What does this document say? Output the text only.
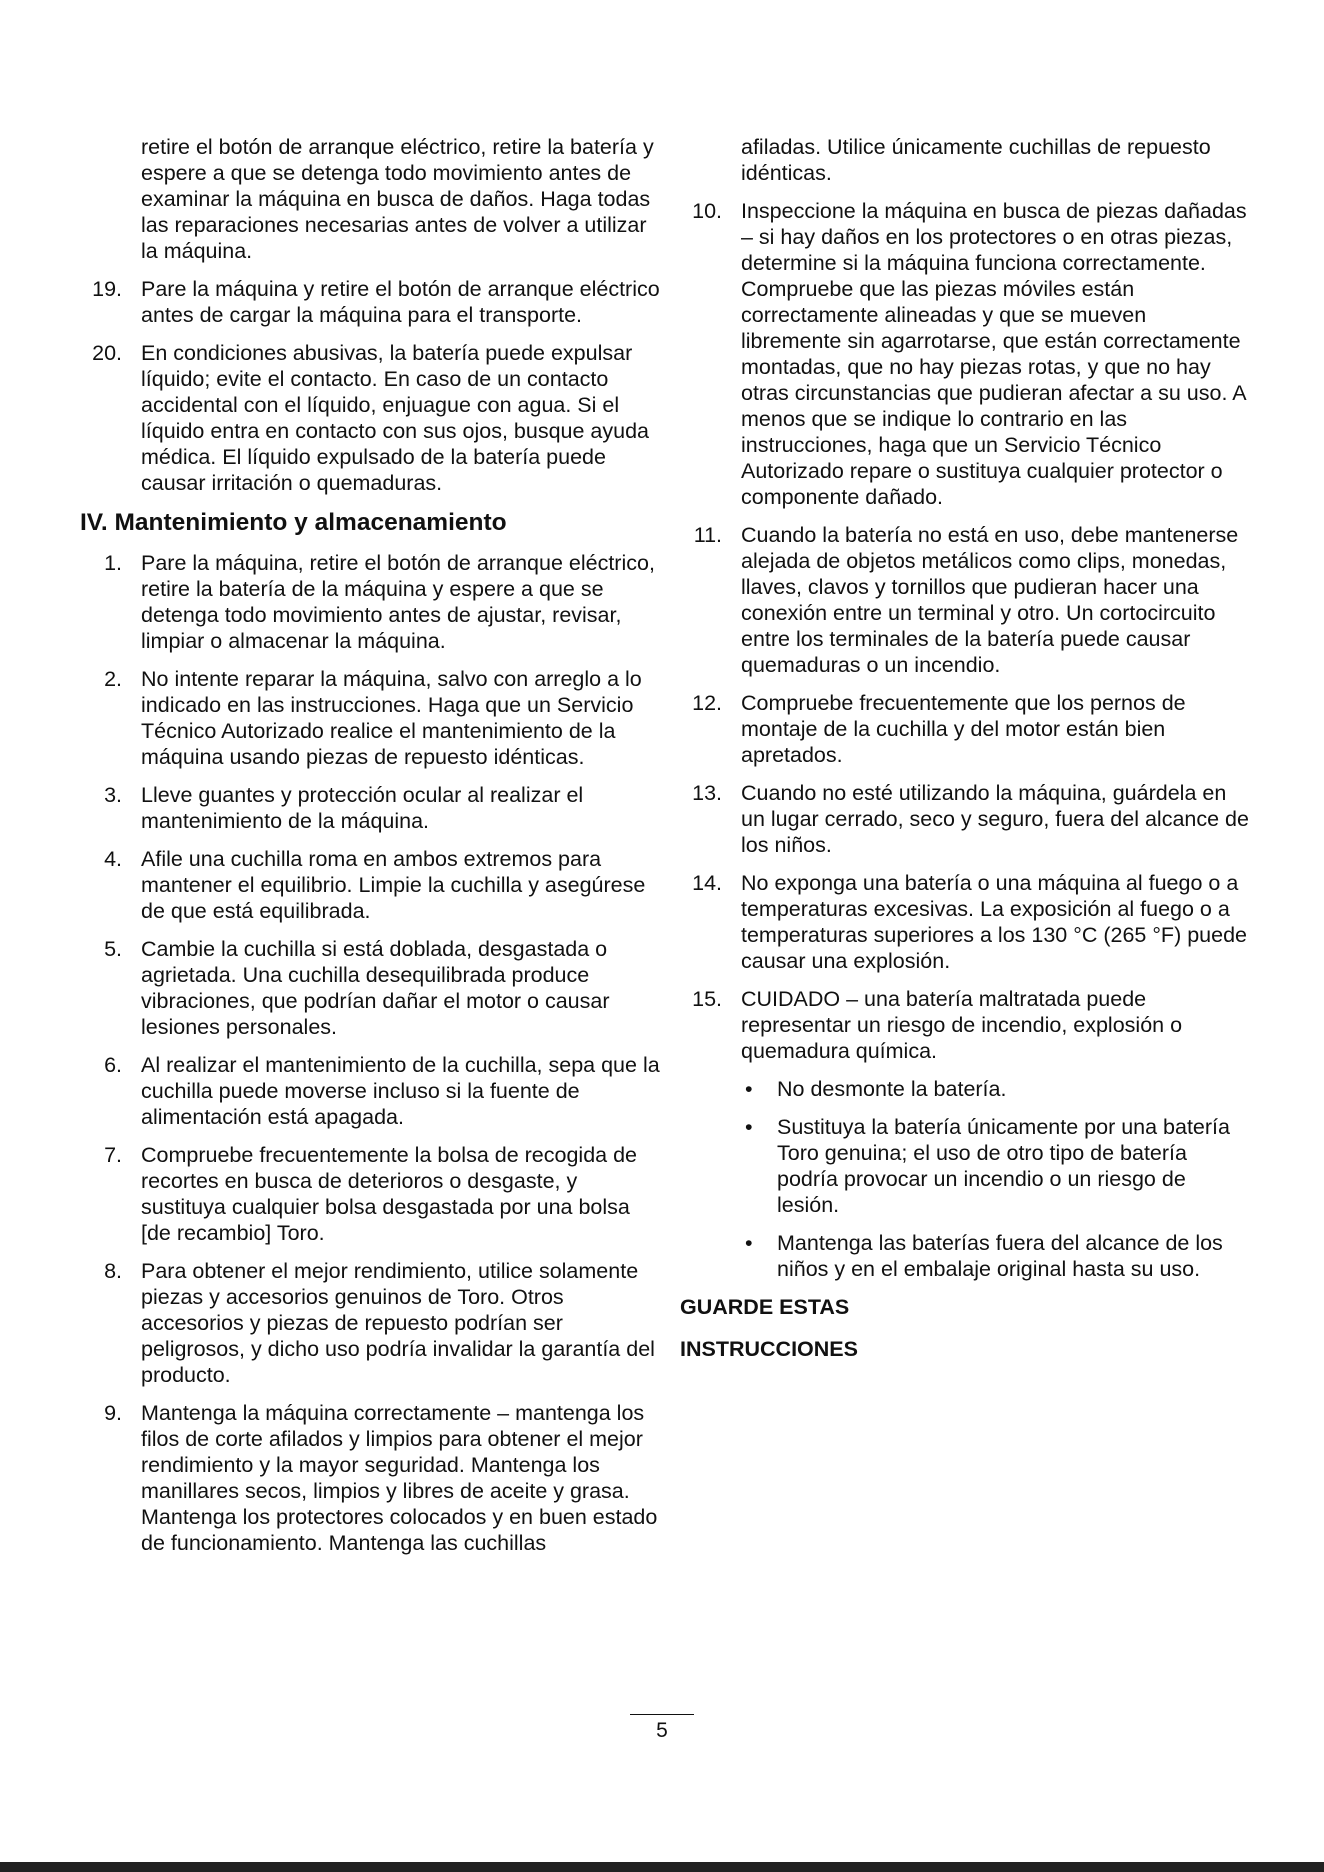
retire el botón de arranque eléctrico, retire la batería y espere a que se detenga todo movimiento antes de examinar la máquina en busca de daños. Haga todas las reparaciones necesarias antes de volver a utilizar la máquina.
19. Pare la máquina y retire el botón de arranque eléctrico antes de cargar la máquina para el transporte.
20. En condiciones abusivas, la batería puede expulsar líquido; evite el contacto. En caso de un contacto accidental con el líquido, enjuague con agua. Si el líquido entra en contacto con sus ojos, busque ayuda médica. El líquido expulsado de la batería puede causar irritación o quemaduras.
IV. Mantenimiento y almacenamiento
1. Pare la máquina, retire el botón de arranque eléctrico, retire la batería de la máquina y espere a que se detenga todo movimiento antes de ajustar, revisar, limpiar o almacenar la máquina.
2. No intente reparar la máquina, salvo con arreglo a lo indicado en las instrucciones. Haga que un Servicio Técnico Autorizado realice el mantenimiento de la máquina usando piezas de repuesto idénticas.
3. Lleve guantes y protección ocular al realizar el mantenimiento de la máquina.
4. Afile una cuchilla roma en ambos extremos para mantener el equilibrio. Limpie la cuchilla y asegúrese de que está equilibrada.
5. Cambie la cuchilla si está doblada, desgastada o agrietada. Una cuchilla desequilibrada produce vibraciones, que podrían dañar el motor o causar lesiones personales.
6. Al realizar el mantenimiento de la cuchilla, sepa que la cuchilla puede moverse incluso si la fuente de alimentación está apagada.
7. Compruebe frecuentemente la bolsa de recogida de recortes en busca de deterioros o desgaste, y sustituya cualquier bolsa desgastada por una bolsa [de recambio] Toro.
8. Para obtener el mejor rendimiento, utilice solamente piezas y accesorios genuinos de Toro. Otros accesorios y piezas de repuesto podrían ser peligrosos, y dicho uso podría invalidar la garantía del producto.
9. Mantenga la máquina correctamente – mantenga los filos de corte afilados y limpios para obtener el mejor rendimiento y la mayor seguridad. Mantenga los manillares secos, limpios y libres de aceite y grasa. Mantenga los protectores colocados y en buen estado de funcionamiento. Mantenga las cuchillas
afiladas. Utilice únicamente cuchillas de repuesto idénticas.
10. Inspeccione la máquina en busca de piezas dañadas – si hay daños en los protectores o en otras piezas, determine si la máquina funciona correctamente. Compruebe que las piezas móviles están correctamente alineadas y que se mueven libremente sin agarrotarse, que están correctamente montadas, que no hay piezas rotas, y que no hay otras circunstancias que pudieran afectar a su uso. A menos que se indique lo contrario en las instrucciones, haga que un Servicio Técnico Autorizado repare o sustituya cualquier protector o componente dañado.
11. Cuando la batería no está en uso, debe mantenerse alejada de objetos metálicos como clips, monedas, llaves, clavos y tornillos que pudieran hacer una conexión entre un terminal y otro. Un cortocircuito entre los terminales de la batería puede causar quemaduras o un incendio.
12. Compruebe frecuentemente que los pernos de montaje de la cuchilla y del motor están bien apretados.
13. Cuando no esté utilizando la máquina, guárdela en un lugar cerrado, seco y seguro, fuera del alcance de los niños.
14. No exponga una batería o una máquina al fuego o a temperaturas excesivas. La exposición al fuego o a temperaturas superiores a los 130 °C (265 °F) puede causar una explosión.
15. CUIDADO – una batería maltratada puede representar un riesgo de incendio, explosión o quemadura química.
•	No desmonte la batería.
•	Sustituya la batería únicamente por una batería Toro genuina; el uso de otro tipo de batería podría provocar un incendio o un riesgo de lesión.
•	Mantenga las baterías fuera del alcance de los niños y en el embalaje original hasta su uso.
GUARDE ESTAS
INSTRUCCIONES
5
